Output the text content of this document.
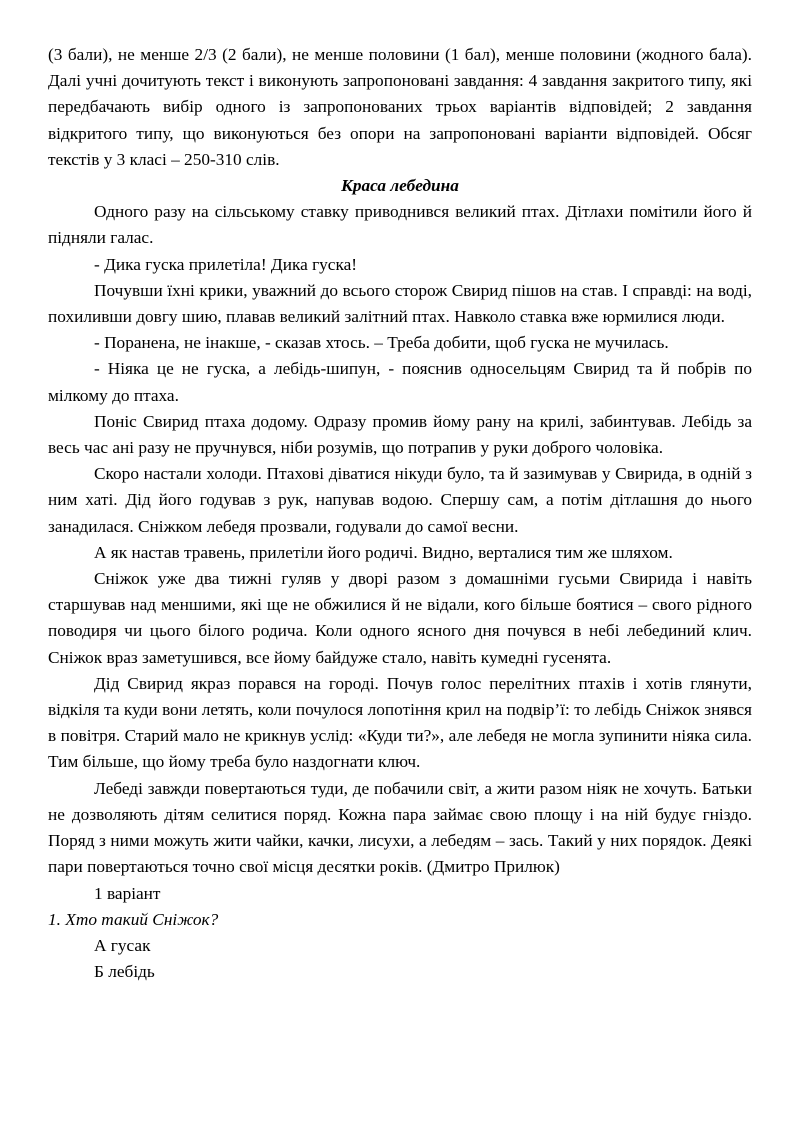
(3 бали), не менше 2/3 (2 бали), не менше половини (1 бал), менше половини (жодного бала). Далі учні дочитують текст і виконують запропоновані завдання: 4 завдання закритого типу, які передбачають вибір одного із запропонованих трьох варіантів відповідей; 2 завдання відкритого типу, що виконуються без опори на запропоновані варіанти відповідей. Обсяг текстів у 3 класі – 250-310 слів.

Краса лебедина

Одного разу на сільському ставку приводнився великий птах. Дітлахи помітили його й підняли галас.

- Дика гуска прилетіла! Дика гуска!

Почувши їхні крики, уважний до всього сторож Свирид пішов на став. І справді: на воді, похиливши довгу шию, плавав великий залітний птах. Навколо ставка вже юрмилися люди.

- Поранена, не інакше, - сказав хтось. – Треба добити, щоб гуска не мучилась.

- Ніяка це не гуска, а лебідь-шипун, - пояснив односельцям Свирид та й побрів по мілкому до птаха.

Поніс Свирид птаха додому. Одразу промив йому рану на крилі, забинтував. Лебідь за весь час ані разу не пручнувся, ніби розумів, що потрапив у руки доброго чоловіка.

Скоро настали холоди. Птахові діватися нікуди було, та й зазимував у Свирида, в одній з ним хаті. Дід його годував з рук, напував водою. Спершу сам, а потім дітлашня до нього занадилася. Сніжком лебедя прозвали, годували до самої весни.

А як настав травень, прилетіли його родичі. Видно, верталися тим же шляхом.

Сніжок уже два тижні гуляв у дворі разом з домашніми гусьми Свирида і навіть старшував над меншими, які ще не обжилися й не відали, кого більше боятися – свого рідного поводиря чи цього білого родича. Коли одного ясного дня почувся в небі лебединий клич. Сніжок враз заметушився, все йому байдуже стало, навіть кумедні гусенята.

Дід Свирид якраз порався на городі. Почув голос перелітних птахів і хотів глянути, відкіля та куди вони летять, коли почулося лопотіння крил на подвір’ї: то лебідь Сніжок знявся в повітря. Старий мало не крикнув услід: «Куди ти?», але лебедя не могла зупинити ніяка сила. Тим більше, що йому треба було наздогнати ключ.

Лебеді завжди повертаються туди, де побачили світ, а жити разом ніяк не хочуть. Батьки не дозволяють дітям селитися поряд. Кожна пара займає свою площу і на ній будує гніздо. Поряд з ними можуть жити чайки, качки, лисухи, а лебедям – зась. Такий у них порядок. Деякі пари повертаються точно свої місця десятки років. (Дмитро Прилюк)

1 варіант

1. Хто такий Сніжок?

А гусак

Б лебідь
